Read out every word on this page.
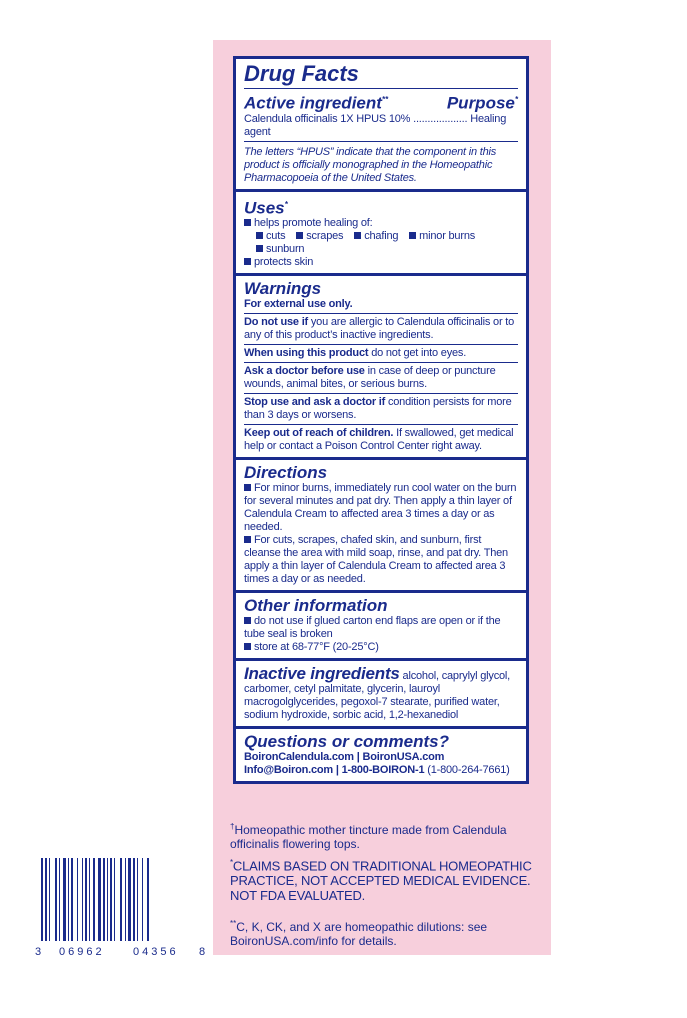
Drug Facts
Active ingredient**	Purpose*
Calendula officinalis 1X HPUS 10% ................... Healing agent
The letters “HPUS” indicate that the component in this product is officially monographed in the Homeopathic Pharmacopoeia of the United States.
Uses*
helps promote healing of:
cuts scrapes chafing minor burns
sunburn
protects skin
Warnings
For external use only.
Do not use if you are allergic to Calendula officinalis or to any of this product’s inactive ingredients.
When using this product do not get into eyes.
Ask a doctor before use in case of deep or puncture wounds, animal bites, or serious burns.
Stop use and ask a doctor if condition persists for more than 3 days or worsens.
Keep out of reach of children. If swallowed, get medical help or contact a Poison Control Center right away.
Directions
For minor burns, immediately run cool water on the burn for several minutes and pat dry. Then apply a thin layer of Calendula Cream to affected area 3 times a day or as needed.
For cuts, scrapes, chafed skin, and sunburn, first cleanse the area with mild soap, rinse, and pat dry. Then apply a thin layer of Calendula Cream to affected area 3 times a day or as needed.
Other information
do not use if glued carton end flaps are open or if the tube seal is broken
store at 68-77°F (20-25°C)
Inactive ingredients alcohol, caprylyl glycol, carbomer, cetyl palmitate, glycerin, lauroyl macrogolglycerides, pegoxol-7 stearate, purified water, sodium hydroxide, sorbic acid, 1,2-hexanediol
Questions or comments?
BoironCalendula.com | BoironUSA.com
Info@Boiron.com | 1-800-BOIRON-1 (1-800-264-7661)
†Homeopathic mother tincture made from Calendula officinalis flowering tops.
*CLAIMS BASED ON TRADITIONAL HOMEOPATHIC PRACTICE, NOT ACCEPTED MEDICAL EVIDENCE. NOT FDA EVALUATED.
**C, K, CK, and X are homeopathic dilutions: see BoironUSA.com/info for details.
3 06962	04356 8
